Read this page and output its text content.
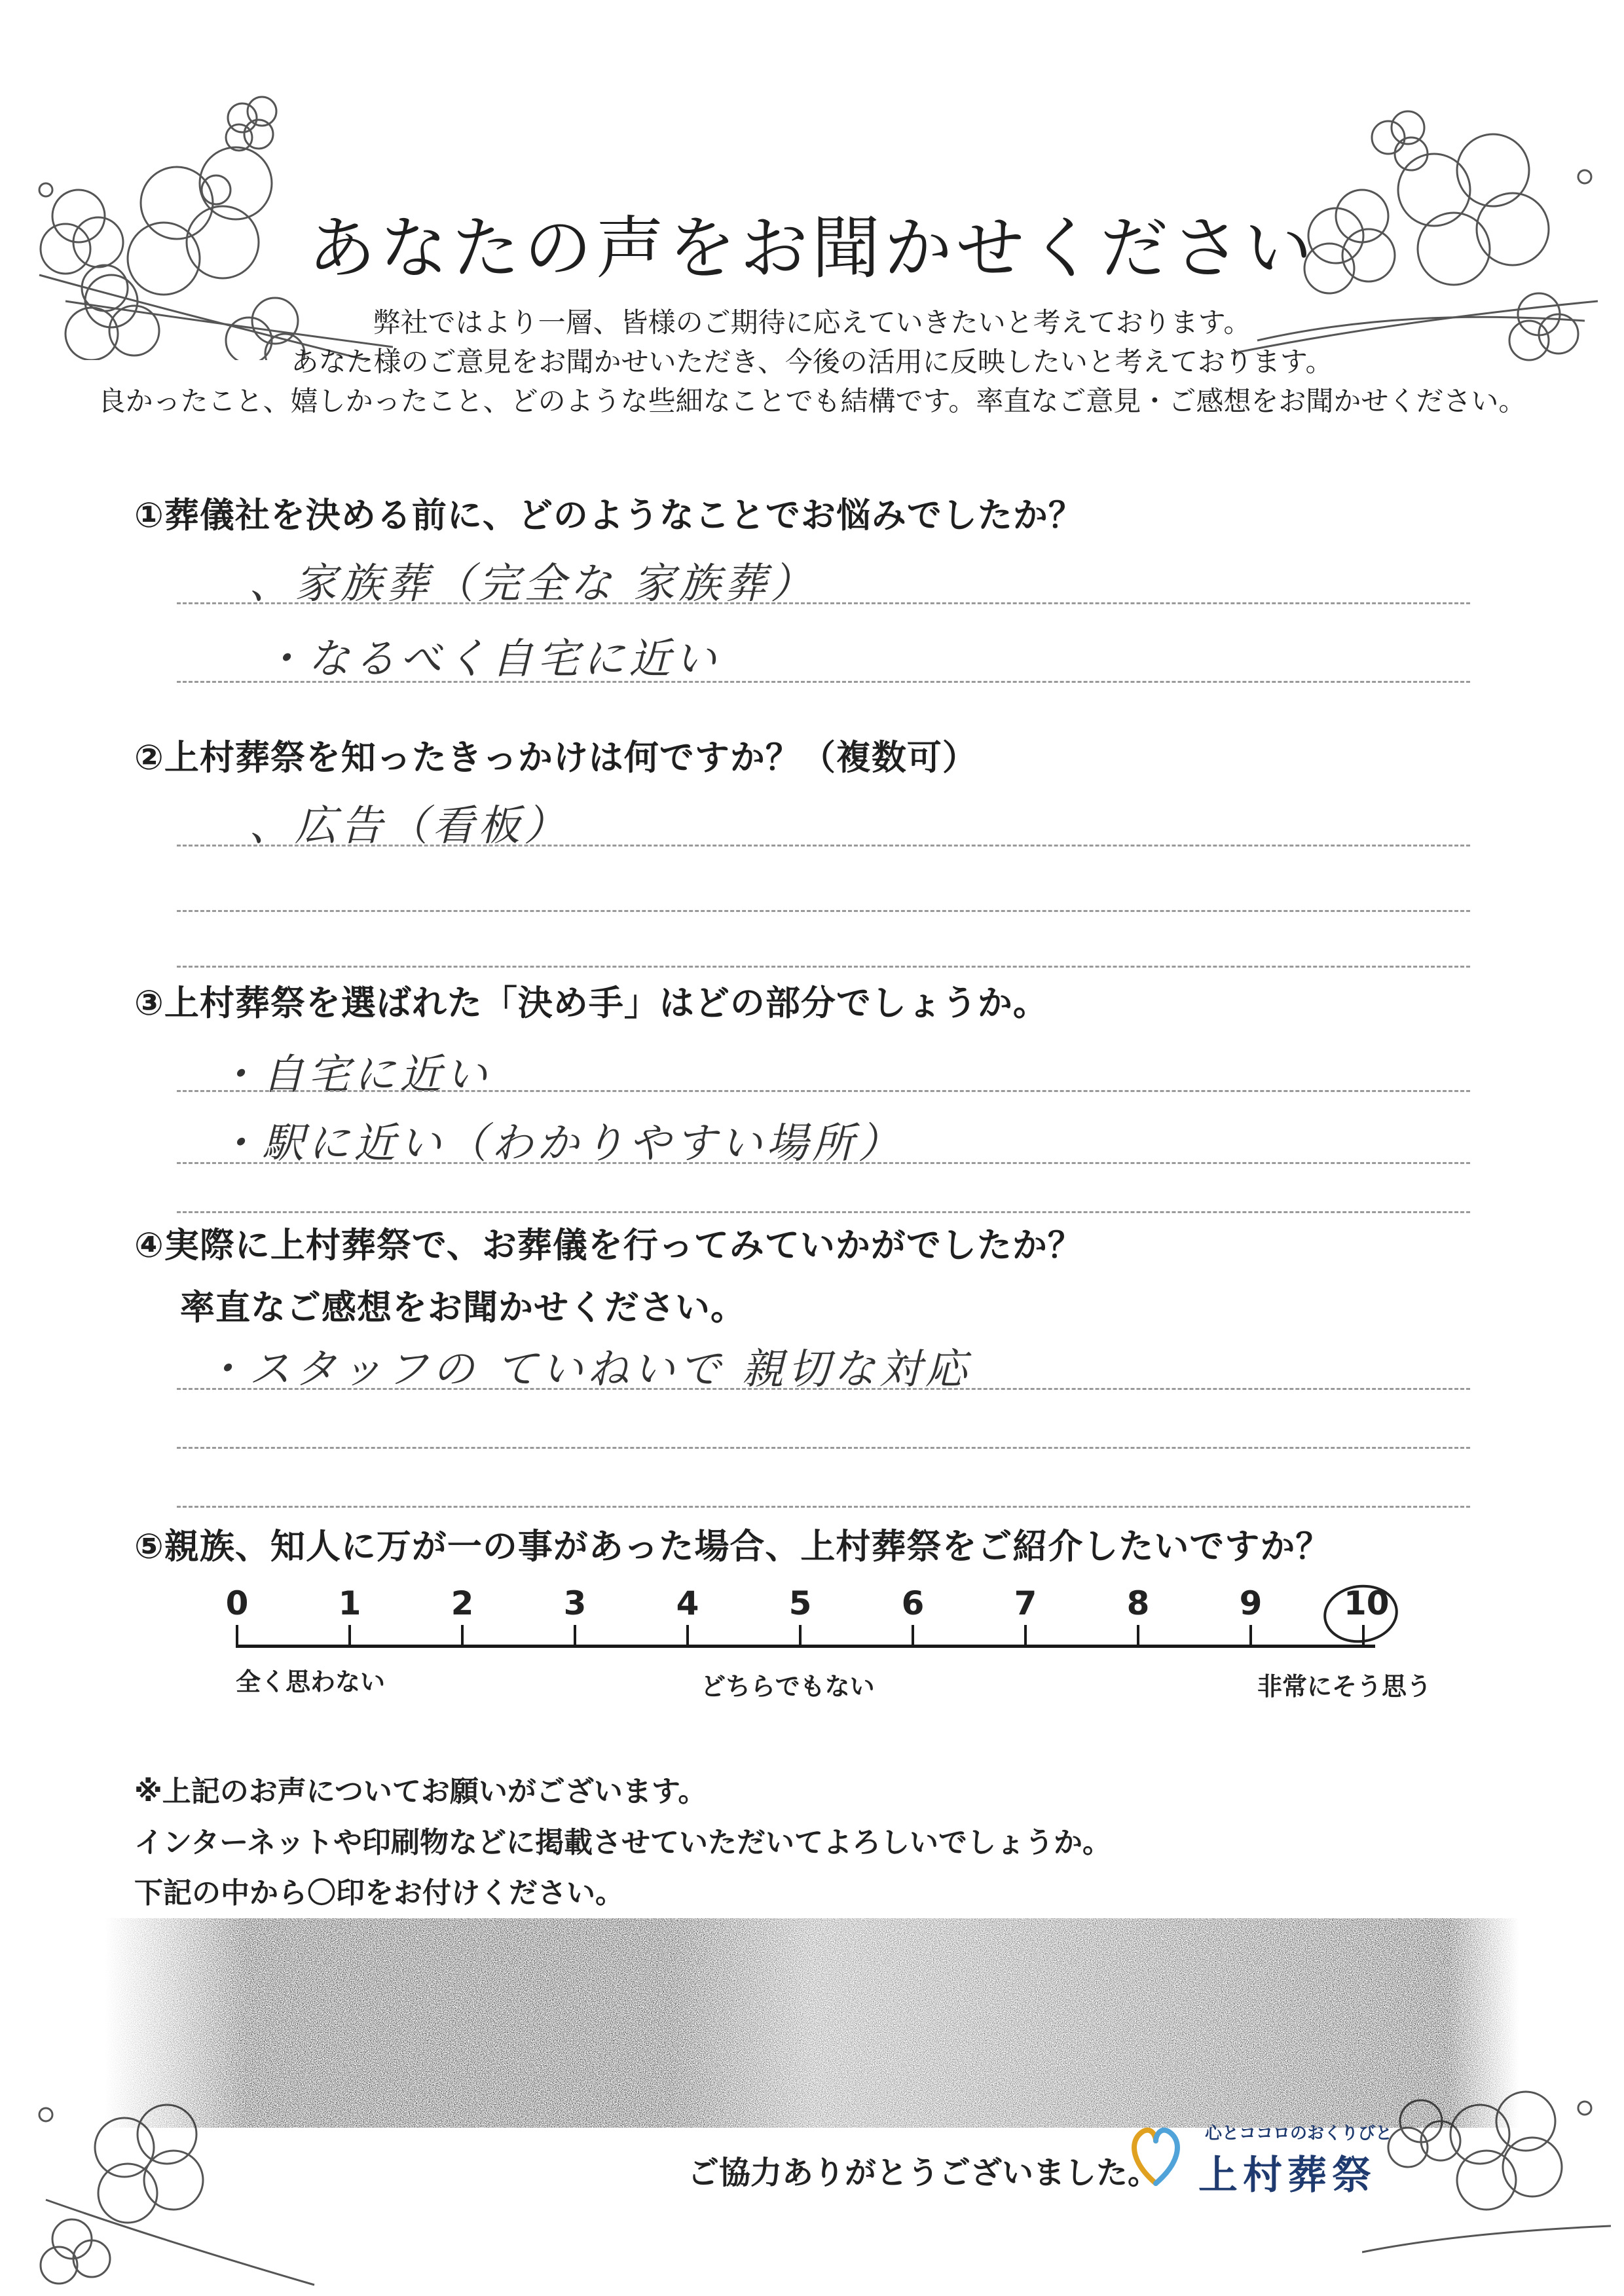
あなたの声をお聞かせください
弊社ではより一層、皆様のご期待に応えていきたいと考えております。
あなた様のご意見をお聞かせいただき、今後の活用に反映したいと考えております。
良かったこと、嬉しかったこと、どのような些細なことでも結構です。率直なご意見・ご感想をお聞かせください。
①葬儀社を決める前に、どのようなことでお悩みでしたか？
、家族葬（完全な 家族葬）
・なるべく自宅に近い
②上村葬祭を知ったきっかけは何ですか？（複数可）
、広告（看板）
③上村葬祭を選ばれた「決め手」はどの部分でしょうか。
・自宅に近い
・駅に近い（わかりやすい場所）
④実際に上村葬祭で、お葬儀を行ってみていかがでしたか？
率直なご感想をお聞かせください。
・スタッフの ていねいで 親切な対応
⑤親族、知人に万が一の事があった場合、上村葬祭をご紹介したいですか？
0	1	2	3	4	5	6	7	8	9 10
全く思わない	どちらでもない	非常にそう思う
※上記のお声についてお願いがございます。
インターネットや印刷物などに掲載させていただいてよろしいでしょうか。
下記の中から〇印をお付けください。
ご協力ありがとうございました。
心とココロのおくりびと
上村葬祭
